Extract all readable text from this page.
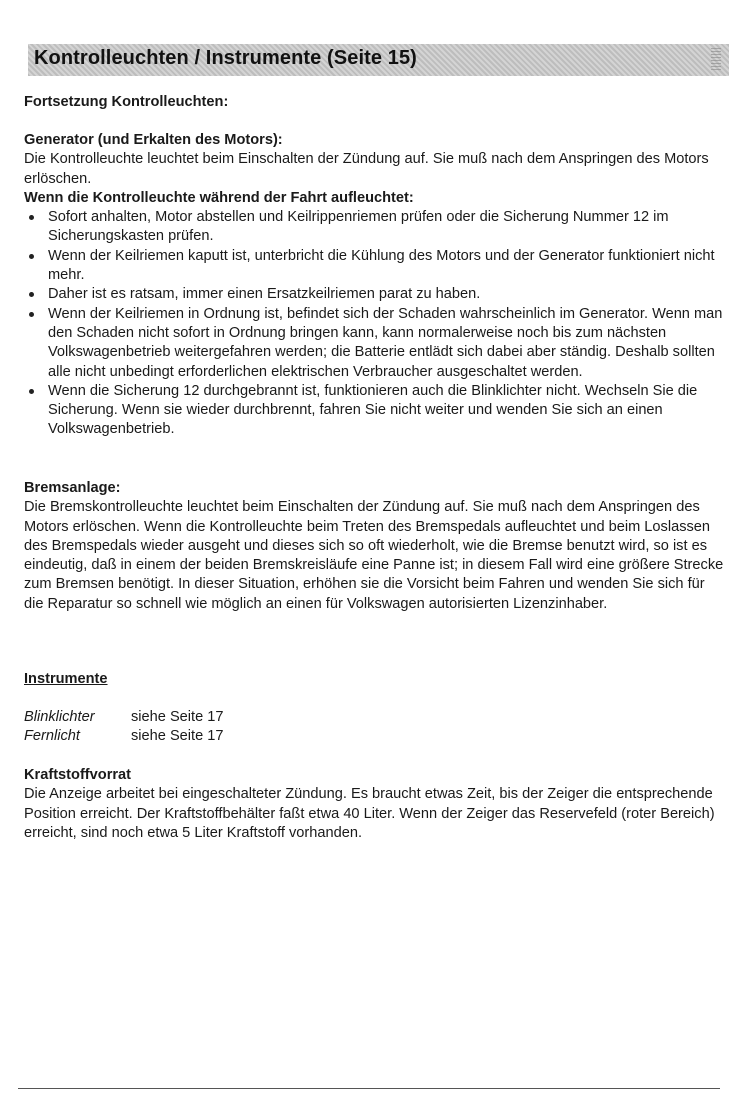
Kontrolleuchten / Instrumente (Seite 15)
Fortsetzung Kontrolleuchten:

Generator (und Erkalten des Motors):

Die Kontrolleuchte leuchtet beim Einschalten der Zündung auf. Sie muß nach dem Anspringen des Motors erlöschen.

Wenn die Kontrolleuchte während der Fahrt aufleuchtet:

Sofort anhalten, Motor abstellen und Keilrippenriemen prüfen oder die Sicherung Nummer 12 im Sicherungskasten prüfen.
Wenn der Keilriemen kaputt ist, unterbricht die Kühlung des Motors und der Generator funktioniert nicht mehr.
Daher ist es ratsam, immer einen Ersatzkeilriemen parat zu haben.
Wenn der Keilriemen in Ordnung ist, befindet sich der Schaden wahrscheinlich im Generator. Wenn man den Schaden nicht sofort in Ordnung bringen kann, kann normalerweise noch bis zum nächsten Volkswagenbetrieb weitergefahren werden; die Batterie entlädt sich dabei aber ständig. Deshalb sollten alle nicht unbedingt erforderlichen elektrischen Verbraucher ausgeschaltet werden.
Wenn die Sicherung 12 durchgebrannt ist, funktionieren auch die Blinklichter nicht. Wechseln Sie die Sicherung. Wenn sie wieder durchbrennt, fahren Sie nicht weiter und wenden Sie sich an einen Volkswagenbetrieb.

Bremsanlage:

Die Bremskontrolleuchte leuchtet beim Einschalten der Zündung auf. Sie muß nach dem Anspringen des Motors erlöschen. Wenn die Kontrolleuchte beim Treten des Bremspedals aufleuchtet und beim Loslassen des Bremspedals wieder ausgeht und dieses sich so oft wiederholt, wie die Bremse benutzt wird, so ist es eindeutig, daß in einem der beiden Bremskreisläufe eine Panne ist; in diesem Fall wird eine größere Strecke zum Bremsen benötigt. In dieser Situation, erhöhen sie die Vorsicht beim Fahren und wenden Sie sich für die Reparatur so schnell wie möglich an einen für Volkswagen autorisierten Lizenzinhaber.

Instrumente
Blinklichter	siehe Seite 17
Fernlicht	siehe Seite 17

Kraftstoffvorrat

Die Anzeige arbeitet bei eingeschalteter Zündung. Es braucht etwas Zeit, bis der Zeiger die entsprechende Position erreicht. Der Kraftstoffbehälter faßt etwa 40 Liter. Wenn der Zeiger das Reservefeld (roter Bereich) erreicht, sind noch etwa 5 Liter Kraftstoff vorhanden.
